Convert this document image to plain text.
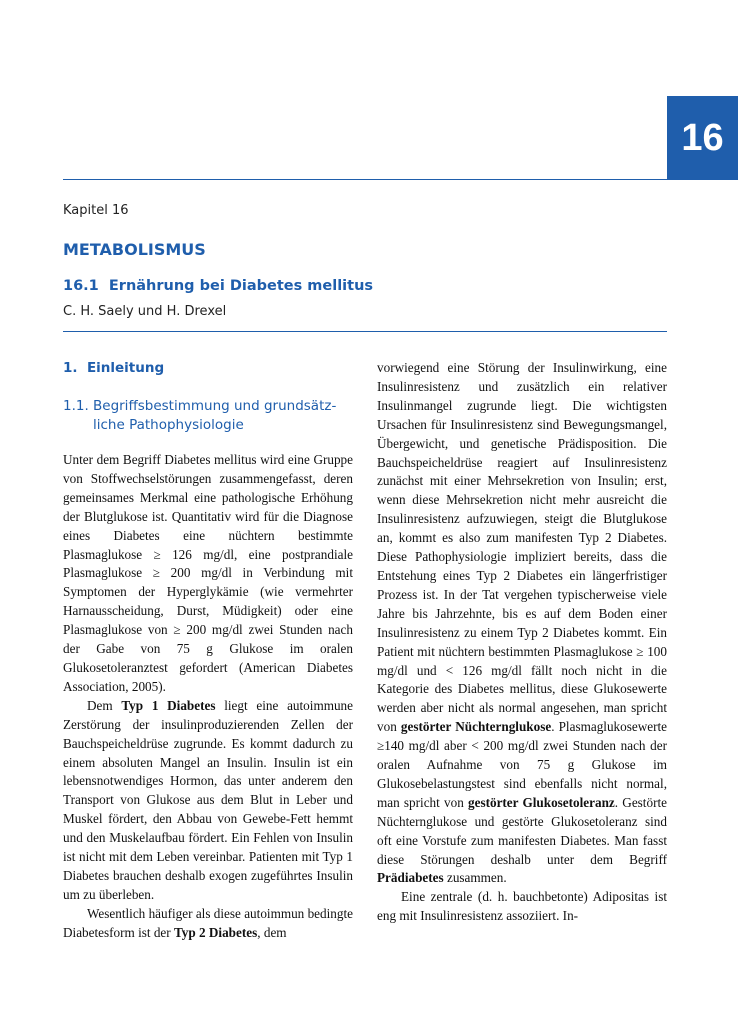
16
Kapitel 16
METABOLISMUS
16.1 Ernährung bei Diabetes mellitus
C. H. Saely und H. Drexel
1. Einleitung
1.1. Begriffsbestimmung und grundsätz-
liche Pathophysiologie

Unter dem Begriff Diabetes mellitus wird eine Gruppe von Stoffwechselstörungen zusammengefasst, deren gemeinsames Merkmal eine pathologische Erhöhung der Blutglukose ist. Quantitativ wird für die Diagnose eines Diabetes eine nüchtern bestimmte Plasmaglukose ≥ 126 mg/dl, eine postprandiale Plasmaglukose ≥ 200 mg/dl in Verbindung mit Symptomen der Hyperglykämie (wie vermehrter Harnausscheidung, Durst, Müdigkeit) oder eine Plasmaglukose von ≥ 200 mg/dl zwei Stunden nach der Gabe von 75 g Glukose im oralen Glukosetoleranztest gefordert (American Diabetes Association, 2005).

Dem Typ 1 Diabetes liegt eine autoimmune Zerstörung der insulinproduzierenden Zellen der Bauchspeicheldrüse zugrunde. Es kommt dadurch zu einem absoluten Mangel an Insulin. Insulin ist ein lebensnotwendiges Hormon, das unter anderem den Transport von Glukose aus dem Blut in Leber und Muskel fördert, den Abbau von Gewebe-Fett hemmt und den Muskelaufbau fördert. Ein Fehlen von Insulin ist nicht mit dem Leben vereinbar. Patienten mit Typ 1 Diabetes brauchen deshalb exogen zugeführtes Insulin um zu überleben.

Wesentlich häufiger als diese autoimmun bedingte Diabetesform ist der Typ 2 Diabetes, dem

vorwiegend eine Störung der Insulinwirkung, eine Insulinresistenz und zusätzlich ein relativer Insulinmangel zugrunde liegt. Die wichtigsten Ursachen für Insulinresistenz sind Bewegungsmangel, Übergewicht, und genetische Prädisposition. Die Bauchspeicheldrüse reagiert auf Insulinresistenz zunächst mit einer Mehrsekretion von Insulin; erst, wenn diese Mehrsekretion nicht mehr ausreicht die Insulinresistenz aufzuwiegen, steigt die Blutglukose an, kommt es also zum manifesten Typ 2 Diabetes. Diese Pathophysiologie impliziert bereits, dass die Entstehung eines Typ 2 Diabetes ein längerfristiger Prozess ist. In der Tat vergehen typischerweise viele Jahre bis Jahrzehnte, bis es auf dem Boden einer Insulinresistenz zu einem Typ 2 Diabetes kommt. Ein Patient mit nüchtern bestimmten Plasmaglukose ≥ 100 mg/dl und < 126 mg/dl fällt noch nicht in die Kategorie des Diabetes mellitus, diese Glukosewerte werden aber nicht als normal angesehen, man spricht von gestörter Nüchternglukose. Plasmaglukosewerte ≥140 mg/dl aber < 200 mg/dl zwei Stunden nach der oralen Aufnahme von 75 g Glukose im Glukosebelastungstest sind ebenfalls nicht normal, man spricht von gestörter Glukosetoleranz. Gestörte Nüchternglukose und gestörte Glukosetoleranz sind oft eine Vorstufe zum manifesten Diabetes. Man fasst diese Störungen deshalb unter dem Begriff Prädiabetes zusammen.

Eine zentrale (d. h. bauchbetonte) Adipositas ist eng mit Insulinresistenz assoziiert. In-
